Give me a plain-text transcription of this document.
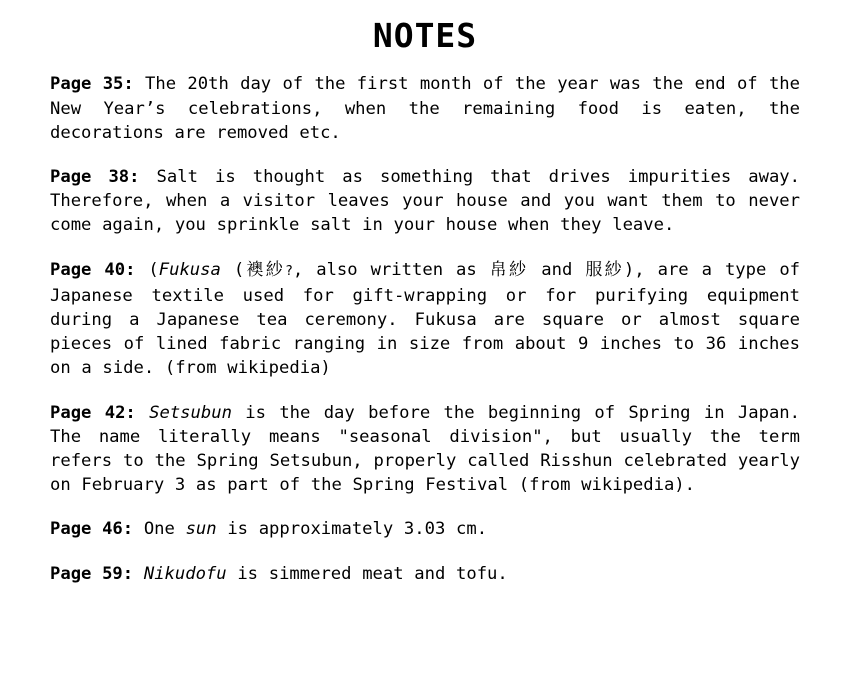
NOTES

Page 35: The 20th day of the first month of the year was the end of the New Year’s celebrations, when the remaining food is eaten, the decorations are removed etc.

Page 38: Salt is thought as something that drives impurities away. Therefore, when a visitor leaves your house and you want them to never come again, you sprinkle salt in your house when they leave.

Page 40: (Fukusa (襖紗?, also written as 帛紗 and 服紗), are a type of Japanese textile used for gift-wrapping or for purifying equipment during a Japanese tea ceremony. Fukusa are square or almost square pieces of lined fabric ranging in size from about 9 inches to 36 inches on a side. (from wikipedia)

Page 42: Setsubun is the day before the beginning of Spring in Japan. The name literally means "seasonal division", but usually the term refers to the Spring Setsubun, properly called Risshun celebrated yearly on February 3 as part of the Spring Festival (from wikipedia).

Page 46: One sun is approximately 3.03 cm.

Page 59: Nikudofu is simmered meat and tofu.
